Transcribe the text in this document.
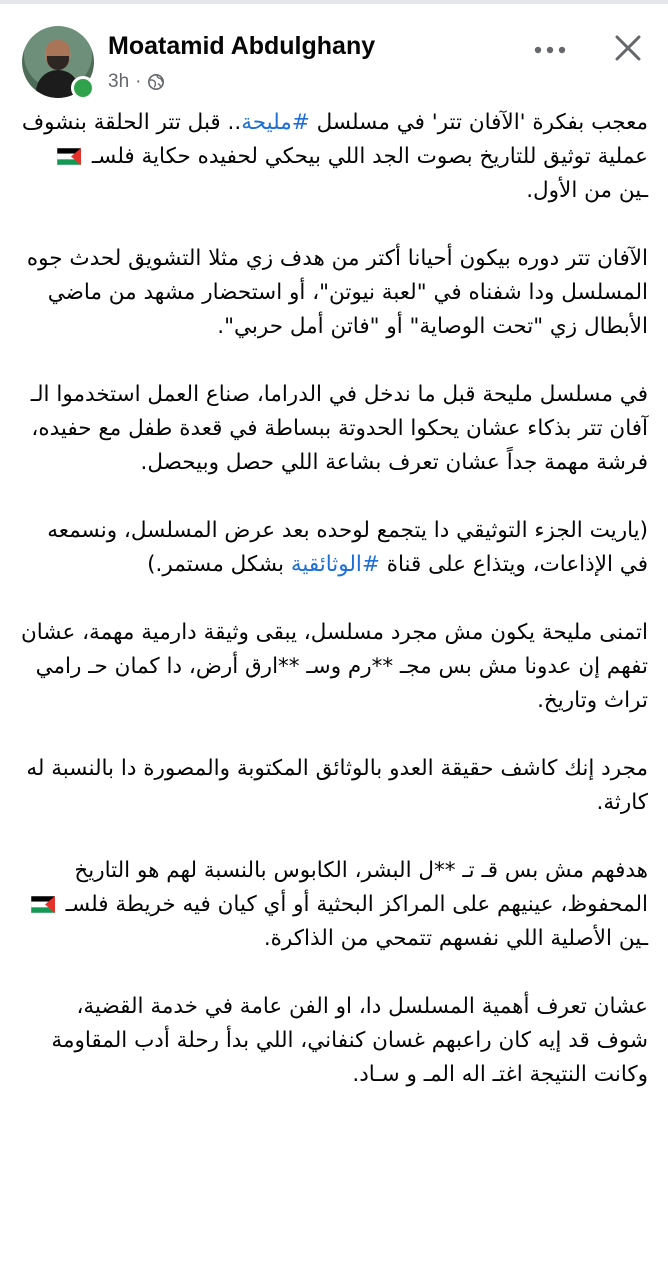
Moatamid Abdulghany
3h ·

معجب بفكرة 'الآفان تتر' في مسلسل #مليحة.. قبل تتر الحلقة بنشوف عملية توثيق للتاريخ بصوت الجد اللي بيحكي لحفيده حكاية فلسـ  ـين من الأول.

الآفان تتر دوره بيكون أحيانا أكتر من هدف زي مثلا التشويق لحدث جوه المسلسل ودا شفناه في "لعبة نيوتن"، أو استحضار مشهد من ماضي الأبطال زي "تحت الوصاية" أو "فاتن أمل حربي".

في مسلسل مليحة قبل ما ندخل في الدراما، صناع العمل استخدموا الـ آفان تتر بذكاء عشان يحكوا الحدوتة ببساطة في قعدة طفل مع حفيده، فرشة مهمة جداً عشان تعرف بشاعة اللي حصل وبيحصل.

(ياريت الجزء التوثيقي دا يتجمع لوحده بعد عرض المسلسل، ونسمعه في الإذاعات، ويتذاع على قناة #الوثائقية بشكل مستمر.)

اتمنى مليحة يكون مش مجرد مسلسل، يبقى وثيقة دارمية مهمة، عشان تفهم إن عدونا مش بس مجـ **رم وسـ **ارق أرض، دا كمان حـ رامي تراث وتاريخ.

مجرد إنك كاشف حقيقة العدو بالوثائق المكتوبة والمصورة دا بالنسبة له كارثة.

هدفهم مش بس قـ تـ **ل البشر، الكابوس بالنسبة لهم هو التاريخ المحفوظ، عينيهم على المراكز البحثية أو أي كيان فيه خريطة فلسـ  ـين الأصلية اللي نفسهم تتمحي من الذاكرة.

عشان تعرف أهمية المسلسل دا، او الفن عامة في خدمة القضية، شوف قد إيه كان راعبهم غسان كنفاني، اللي بدأ رحلة أدب المقاومة وكانت النتيجة اغتـ اله المـ و سـاد.
